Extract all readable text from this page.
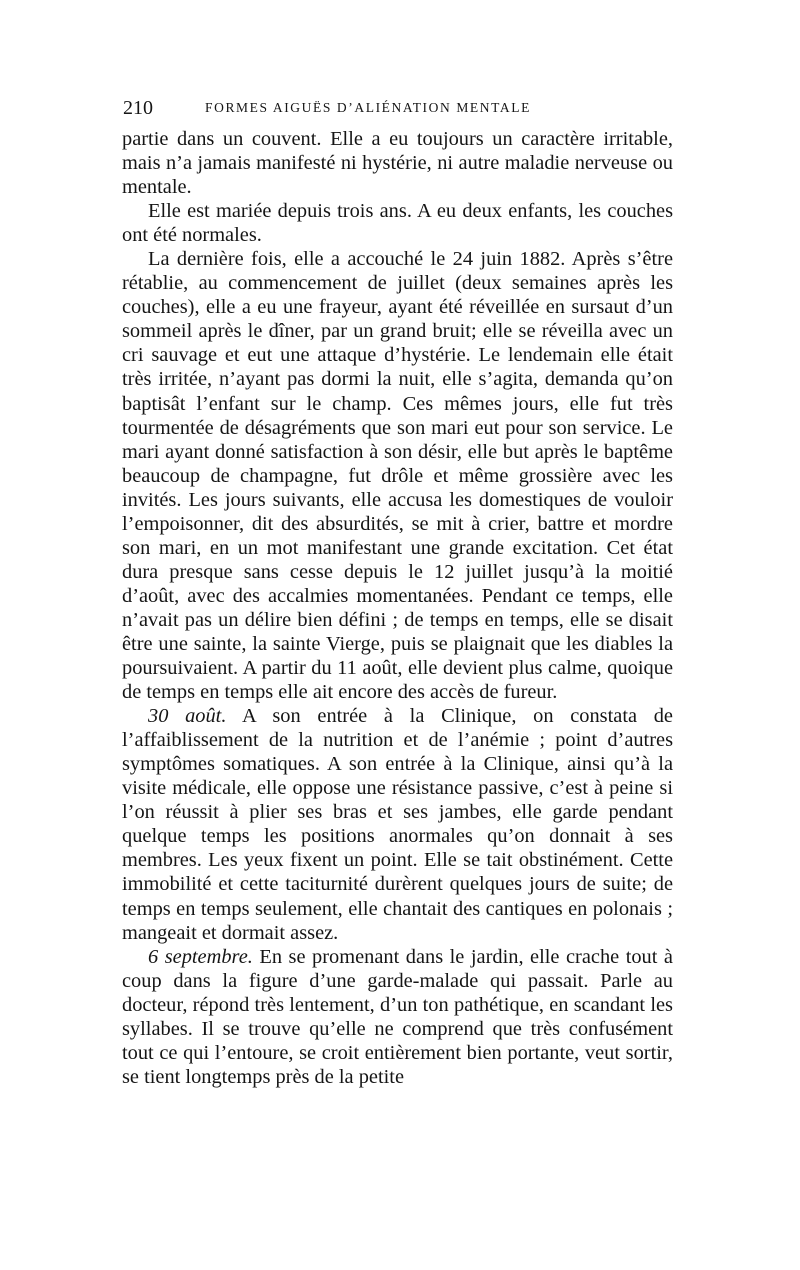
210	FORMES AIGUËS D’ALIÉNATION MENTALE

partie dans un couvent. Elle a eu toujours un caractère irritable, mais n’a jamais manifesté ni hystérie, ni autre maladie nerveuse ou mentale.

Elle est mariée depuis trois ans. A eu deux enfants, les couches ont été normales.

La dernière fois, elle a accouché le 24 juin 1882. Après s’être rétablie, au commencement de juillet (deux semaines après les couches), elle a eu une frayeur, ayant été réveillée en sursaut d’un sommeil après le dîner, par un grand bruit; elle se réveilla avec un cri sauvage et eut une attaque d’hystérie. Le lendemain elle était très irritée, n’ayant pas dormi la nuit, elle s’agita, demanda qu’on baptisât l’enfant sur le champ. Ces mêmes jours, elle fut très tourmentée de désagréments que son mari eut pour son service. Le mari ayant donné satisfaction à son désir, elle but après le baptême beaucoup de champagne, fut drôle et même grossière avec les invités. Les jours suivants, elle accusa les domestiques de vouloir l’empoisonner, dit des absurdités, se mit à crier, battre et mordre son mari, en un mot manifestant une grande excitation. Cet état dura presque sans cesse depuis le 12 juillet jusqu’à la moitié d’août, avec des accalmies momentanées. Pendant ce temps, elle n’avait pas un délire bien défini ; de temps en temps, elle se disait être une sainte, la sainte Vierge, puis se plaignait que les diables la poursuivaient. A partir du 11 août, elle devient plus calme, quoique de temps en temps elle ait encore des accès de fureur.

30 août. A son entrée à la Clinique, on constata de l’affaiblissement de la nutrition et de l’anémie ; point d’autres symptômes somatiques. A son entrée à la Clinique, ainsi qu’à la visite médicale, elle oppose une résistance passive, c’est à peine si l’on réussit à plier ses bras et ses jambes, elle garde pendant quelque temps les positions anormales qu’on donnait à ses membres. Les yeux fixent un point. Elle se tait obstinément. Cette immobilité et cette taciturnité durèrent quelques jours de suite; de temps en temps seulement, elle chantait des cantiques en polonais ; mangeait et dormait assez.

6 septembre. En se promenant dans le jardin, elle crache tout à coup dans la figure d’une garde-malade qui passait. Parle au docteur, répond très lentement, d’un ton pathétique, en scandant les syllabes. Il se trouve qu’elle ne comprend que très confusément tout ce qui l’entoure, se croit entièrement bien portante, veut sortir, se tient longtemps près de la petite
